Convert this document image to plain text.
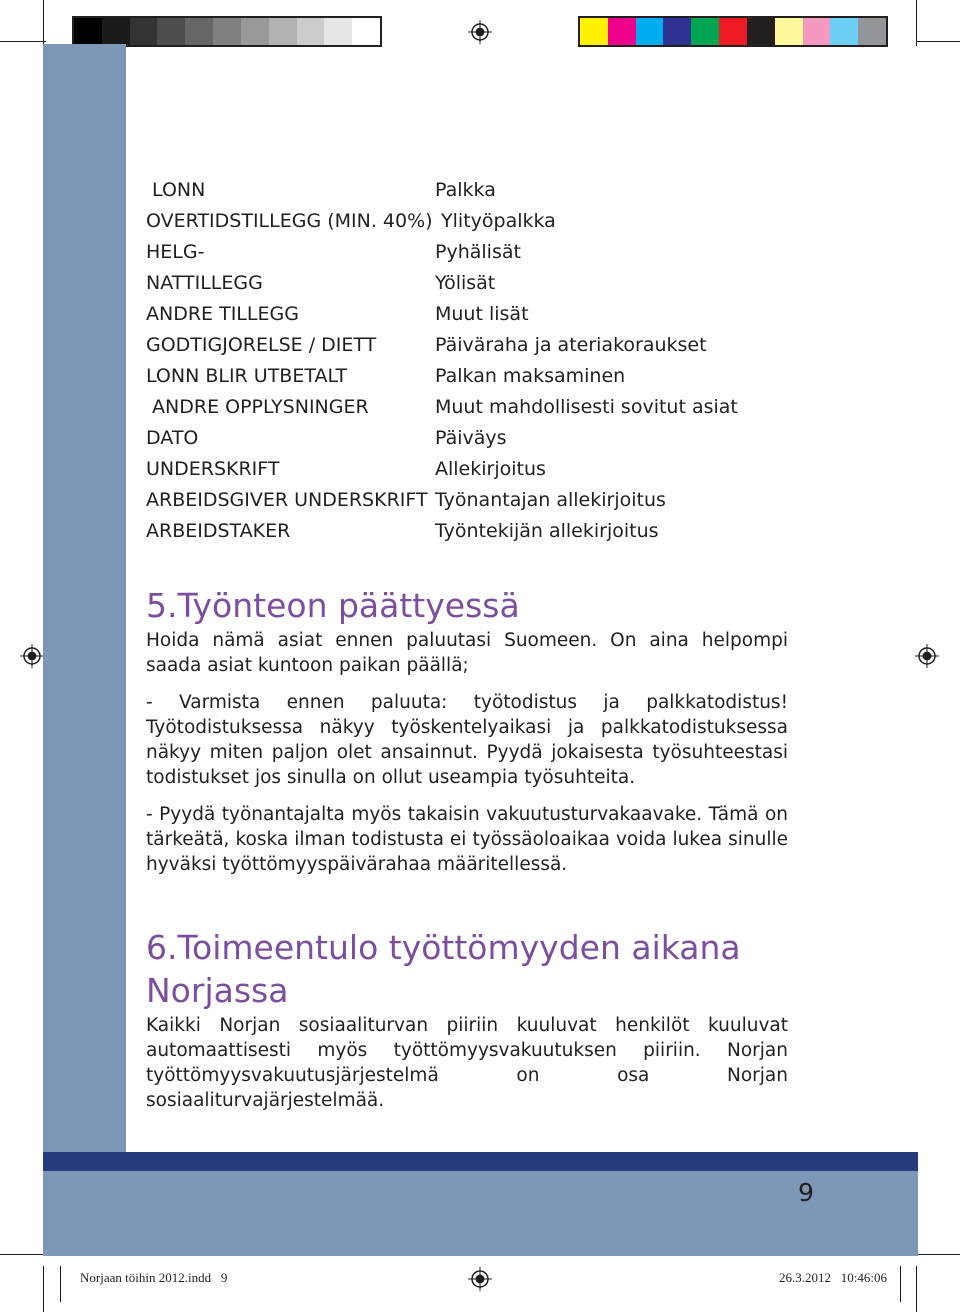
9
LONN	Palkka
OVERTIDSTILLEGG (MIN. 40%) Ylityöpalkka
HELG-	Pyhälisät
NATTILLEGG	Yölisät
ANDRE TILLEGG	Muut lisät
GODTIGJORELSE / DIETT	Päiväraha ja ateriakoraukset
LONN BLIR UTBETALT	Palkan maksaminen
ANDRE OPPLYSNINGER	Muut mahdollisesti sovitut asiat
DATO	Päiväys
UNDERSKRIFT	Allekirjoitus
ARBEIDSGIVER UNDERSKRIFT Työnantajan allekirjoitus
ARBEIDSTAKER	Työntekijän allekirjoitus
5.Työnteon päättyessä
Hoida nämä asiat ennen paluutasi Suomeen. On aina helpompi saada asiat kuntoon paikan päällä;
- Varmista ennen paluuta: työtodistus ja palkkatodistus! Työtodistuksessa näkyy työskentelyaikasi ja palkkatodistuksessa näkyy miten paljon olet ansainnut. Pyydä jokaisesta työsuhteestasi todistukset jos sinulla on ollut useampia työsuhteita.
- Pyydä työnantajalta myös takaisin vakuutusturvakaavake. Tämä on tärkeätä, koska ilman todistusta ei työssäoloaikaa voida lukea sinulle hyväksi työttömyyspäivärahaa määritellessä.
6.Toimeentulo työttömyyden aikana
Norjassa
Kaikki Norjan sosiaaliturvan piiriin kuuluvat henkilöt kuuluvat automaattisesti myös työttömyysvakuutuksen piiriin. Norjan työttömyysvakuutusjärjestelmä on osa Norjan sosiaaliturvajärjestelmää.
Norjaan töihin 2012.indd   9	26.3.2012   10:46:06
